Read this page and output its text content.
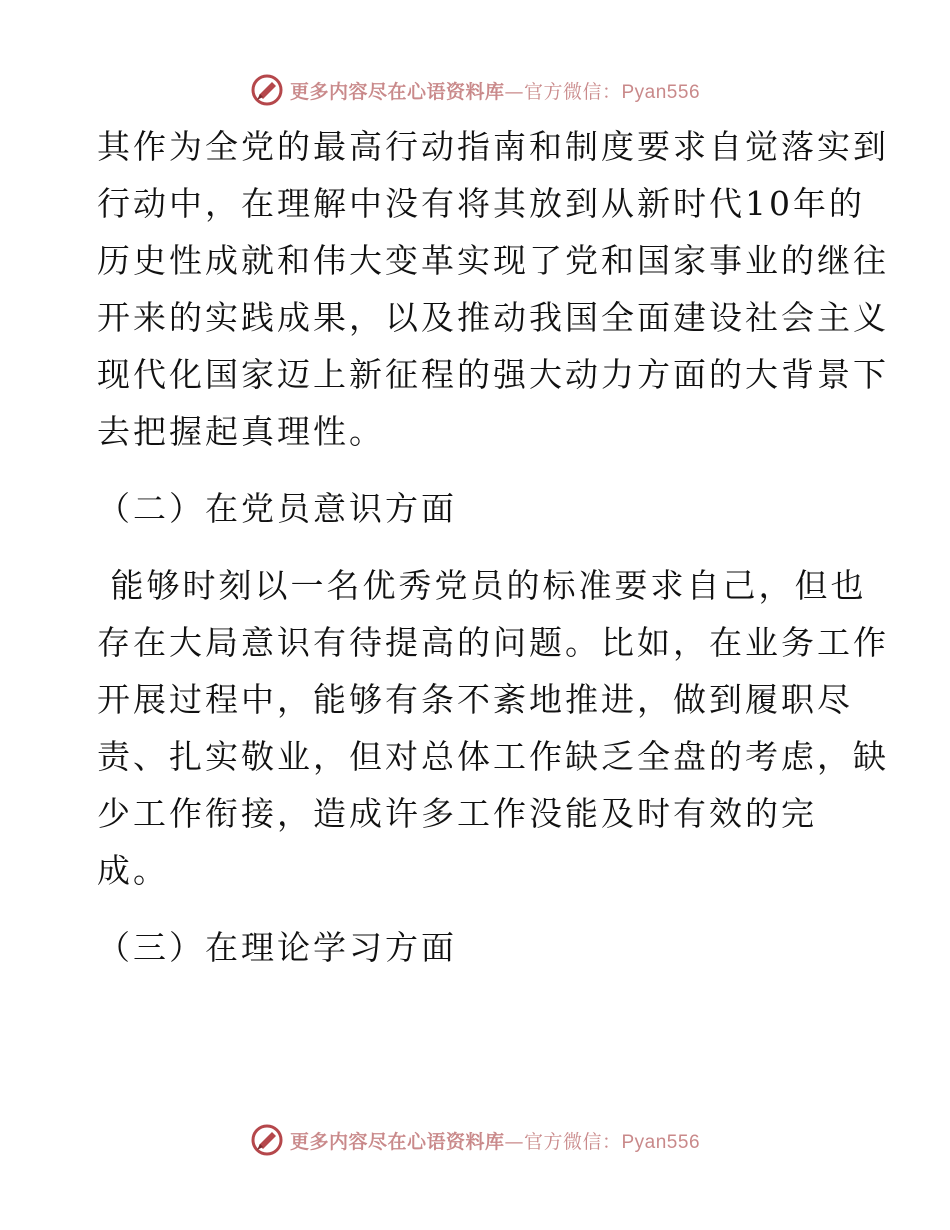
更多内容尽在心语资料库—官方微信：Pyan556
其作为全党的最高行动指南和制度要求自觉落实到
行动中，在理解中没有将其放到从新时代10年的
历史性成就和伟大变革实现了党和国家事业的继往
开来的实践成果，以及推动我国全面建设社会主义
现代化国家迈上新征程的强大动力方面的大背景下
去把握起真理性。
（二）在党员意识方面
能够时刻以一名优秀党员的标准要求自己，但也
存在大局意识有待提高的问题。比如，在业务工作
开展过程中，能够有条不紊地推进，做到履职尽
责、扎实敬业，但对总体工作缺乏全盘的考虑，缺
少工作衔接，造成许多工作没能及时有效的完
成。
（三）在理论学习方面
更多内容尽在心语资料库—官方微信：Pyan556
